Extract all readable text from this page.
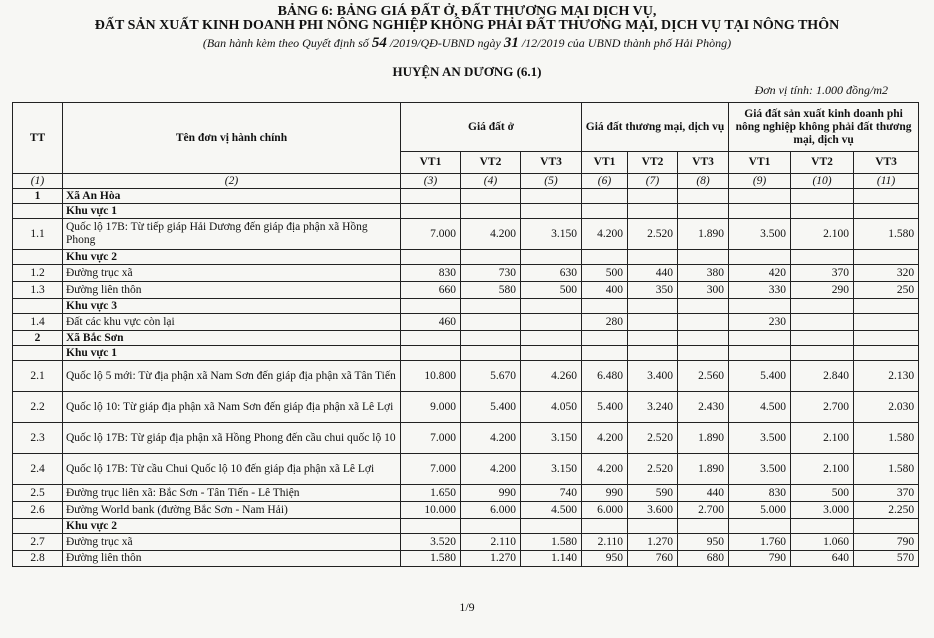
BẢNG 6: BẢNG GIÁ ĐẤT Ở, ĐẤT THƯƠNG MẠI DỊCH VỤ,
ĐẤT SẢN XUẤT KINH DOANH PHI NÔNG NGHIỆP KHÔNG PHẢI ĐẤT THƯƠNG MẠI, DỊCH VỤ TẠI NÔNG THÔN
(Ban hành kèm theo Quyết định số 54 /2019/QĐ-UBND ngày 31 /12/2019 của UBND thành phố Hải Phòng)
HUYỆN AN DƯƠNG (6.1)
Đơn vị tính: 1.000 đồng/m2
TT	Tên đơn vị hành chính	Giá đất ở			Giá đất thương mại, dịch vụ			Giá đất sản xuất kinh doanh phi nông nghiệp không phải đất thương mại, dịch vụ		
		VT1	VT2	VT3	VT1	VT2	VT3	VT1	VT2	VT3
(1)	(2)	(3)	(4)	(5)	(6)	(7)	(8)	(9)	(10)	(11)
1	Xã An Hòa									
	Khu vực 1									
1.1	Quốc lộ 17B: Từ tiếp giáp Hải Dương đến giáp địa phận xã Hồng Phong	7.000	4.200	3.150	4.200	2.520	1.890	3.500	2.100	1.580
	Khu vực 2									
1.2	Đường trục xã	830	730	630	500	440	380	420	370	320
1.3	Đường liên thôn	660	580	500	400	350	300	330	290	250
	Khu vực 3									
1.4	Đất các khu vực còn lại	460			280			230		
2	Xã Bắc Sơn									
	Khu vực 1									
2.1	Quốc lộ 5 mới: Từ địa phận xã Nam Sơn đến giáp địa phận xã Tân Tiến	10.800	5.670	4.260	6.480	3.400	2.560	5.400	2.840	2.130
2.2	Quốc lộ 10: Từ giáp địa phận xã Nam Sơn đến giáp địa phận xã Lê Lợi	9.000	5.400	4.050	5.400	3.240	2.430	4.500	2.700	2.030
2.3	Quốc lộ 17B: Từ giáp địa phận xã Hồng Phong đến cầu chui quốc lộ 10	7.000	4.200	3.150	4.200	2.520	1.890	3.500	2.100	1.580
2.4	Quốc lộ 17B: Từ cầu Chui Quốc lộ 10 đến giáp địa phận xã Lê Lợi	7.000	4.200	3.150	4.200	2.520	1.890	3.500	2.100	1.580
2.5	Đường trục liên xã: Bắc Sơn - Tân Tiến - Lê Thiện	1.650	990	740	990	590	440	830	500	370
2.6	Đường World bank (đường Bắc Sơn - Nam Hải)	10.000	6.000	4.500	6.000	3.600	2.700	5.000	3.000	2.250
	Khu vực 2									
2.7	Đường trục xã	3.520	2.110	1.580	2.110	1.270	950	1.760	1.060	790
2.8	Đường liên thôn	1.580	1.270	1.140	950	760	680	790	640	570
1/9
